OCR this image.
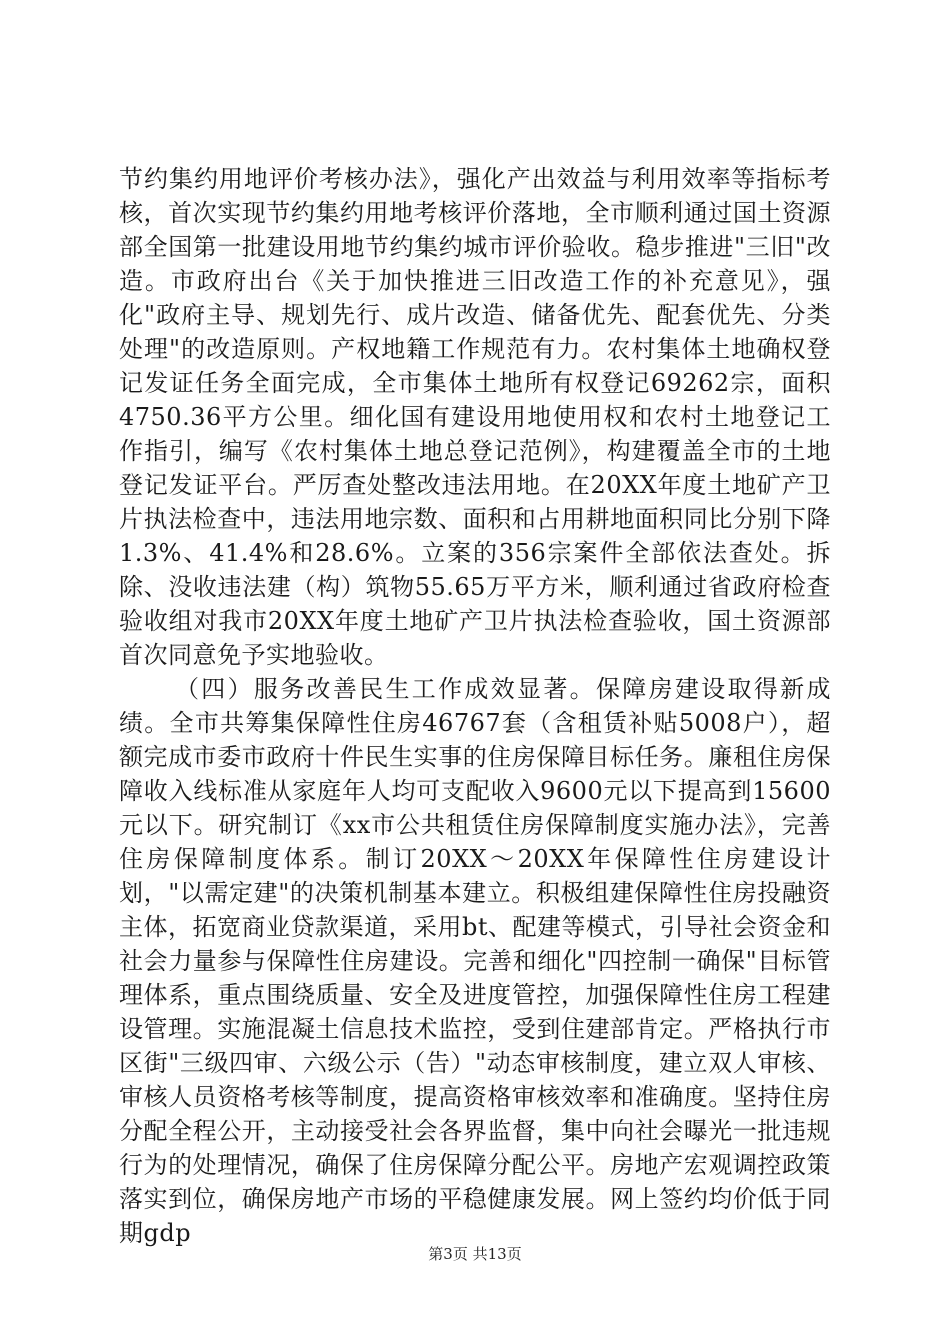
节约集约用地评价考核办法》，强化产出效益与利用效率等指标考核，首次实现节约集约用地考核评价落地，全市顺利通过国土资源部全国第一批建设用地节约集约城市评价验收。稳步推进"三旧"改造。市政府出台《关于加快推进三旧改造工作的补充意见》，强化"政府主导、规划先行、成片改造、储备优先、配套优先、分类处理"的改造原则。产权地籍工作规范有力。农村集体土地确权登记发证任务全面完成，全市集体土地所有权登记69262宗，面积4750.36平方公里。细化国有建设用地使用权和农村土地登记工作指引，编写《农村集体土地总登记范例》，构建覆盖全市的土地登记发证平台。严厉查处整改违法用地。在20XX年度土地矿产卫片执法检查中，违法用地宗数、面积和占用耕地面积同比分别下降1.3%、41.4%和28.6%。立案的356宗案件全部依法查处。拆除、没收违法建（构）筑物55.65万平方米，顺利通过省政府检查验收组对我市20XX年度土地矿产卫片执法检查验收，国土资源部首次同意免予实地验收。

（四）服务改善民生工作成效显著。保障房建设取得新成绩。全市共筹集保障性住房46767套（含租赁补贴5008户），超额完成市委市政府十件民生实事的住房保障目标任务。廉租住房保障收入线标准从家庭年人均可支配收入9600元以下提高到15600元以下。研究制订《xx市公共租赁住房保障制度实施办法》，完善住房保障制度体系。制订20XX～20XX年保障性住房建设计划，"以需定建"的决策机制基本建立。积极组建保障性住房投融资主体，拓宽商业贷款渠道，采用bt、配建等模式，引导社会资金和社会力量参与保障性住房建设。完善和细化"四控制一确保"目标管理体系，重点围绕质量、安全及进度管控，加强保障性住房工程建设管理。实施混凝土信息技术监控，受到住建部肯定。严格执行市区街"三级四审、六级公示（告）"动态审核制度，建立双人审核、审核人员资格考核等制度，提高资格审核效率和准确度。坚持住房分配全程公开，主动接受社会各界监督，集中向社会曝光一批违规行为的处理情况，确保了住房保障分配公平。房地产宏观调控政策落实到位，确保房地产市场的平稳健康发展。网上签约均价低于同期gdp

第3页 共13页
